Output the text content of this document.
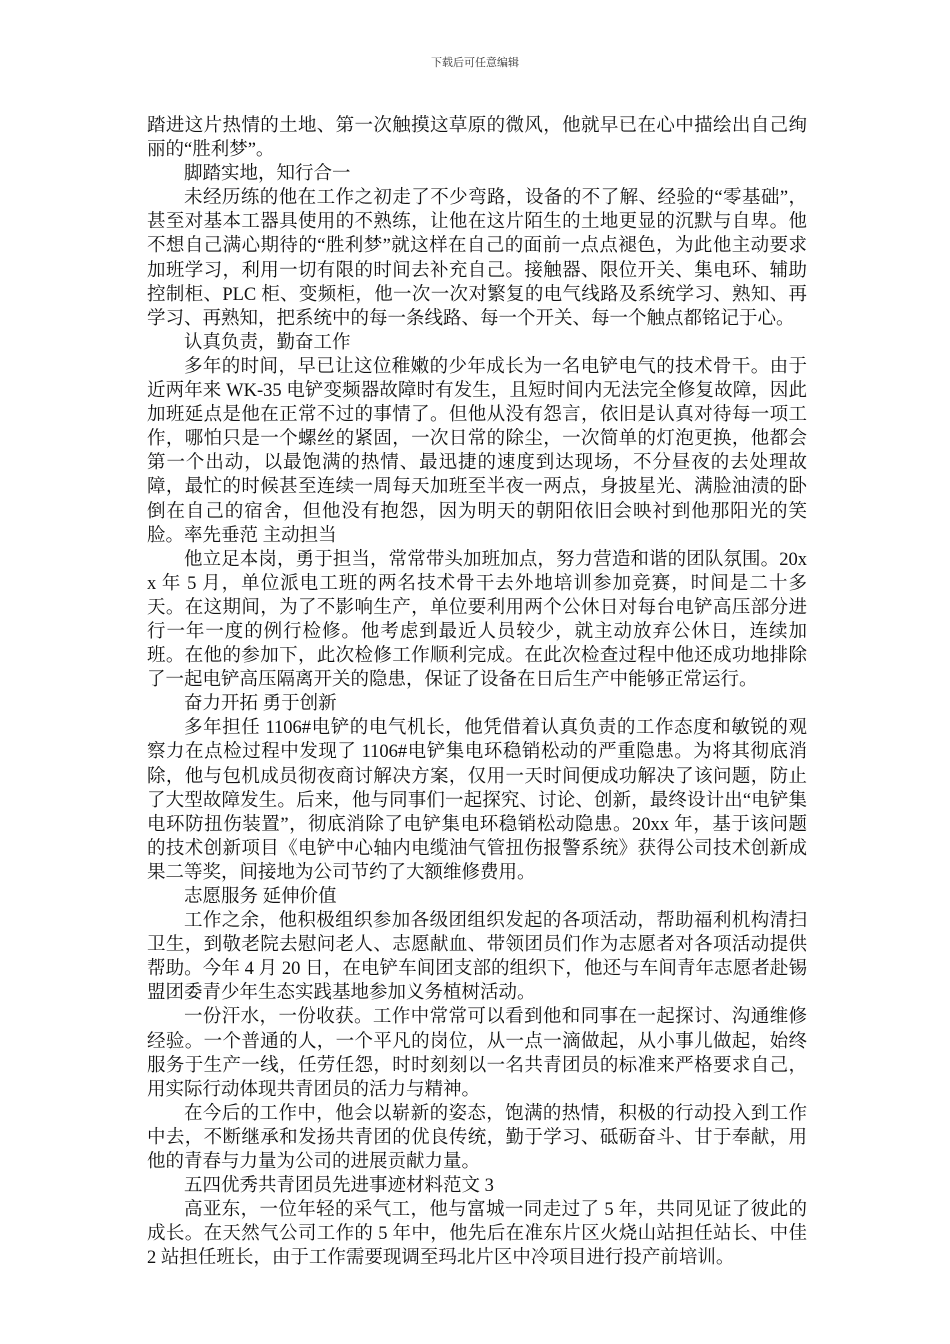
下载后可任意编辑

踏进这片热情的土地、第一次触摸这草原的微风，他就早已在心中描绘出自己绚丽的“胜利梦”。

脚踏实地，知行合一

未经历练的他在工作之初走了不少弯路，设备的不了解、经验的“零基础”，甚至对基本工器具使用的不熟练，让他在这片陌生的土地更显的沉默与自卑。他不想自己满心期待的“胜利梦”就这样在自己的面前一点点褪色，为此他主动要求加班学习，利用一切有限的时间去补充自己。接触器、限位开关、集电环、辅助控制柜、PLC 柜、变频柜，他一次一次对繁复的电气线路及系统学习、熟知、再学习、再熟知，把系统中的每一条线路、每一个开关、每一个触点都铭记于心。

认真负责，勤奋工作

多年的时间，早已让这位稚嫩的少年成长为一名电铲电气的技术骨干。由于近两年来 WK-35 电铲变频器故障时有发生，且短时间内无法完全修复故障，因此加班延点是他在正常不过的事情了。但他从没有怨言，依旧是认真对待每一项工作，哪怕只是一个螺丝的紧固，一次日常的除尘，一次简单的灯泡更换，他都会第一个出动，以最饱满的热情、最迅捷的速度到达现场，不分昼夜的去处理故障，最忙的时候甚至连续一周每天加班至半夜一两点，身披星光、满脸油渍的卧倒在自己的宿舍，但他没有抱怨，因为明天的朝阳依旧会映衬到他那阳光的笑脸。率先垂范 主动担当

他立足本岗，勇于担当，常常带头加班加点，努力营造和谐的团队氛围。20xx 年 5 月，单位派电工班的两名技术骨干去外地培训参加竞赛，时间是二十多天。在这期间，为了不影响生产，单位要利用两个公休日对每台电铲高压部分进行一年一度的例行检修。他考虑到最近人员较少，就主动放弃公休日，连续加班。在他的参加下，此次检修工作顺利完成。在此次检查过程中他还成功地排除了一起电铲高压隔离开关的隐患，保证了设备在日后生产中能够正常运行。

奋力开拓 勇于创新

多年担任 1106#电铲的电气机长，他凭借着认真负责的工作态度和敏锐的观察力在点检过程中发现了 1106#电铲集电环稳销松动的严重隐患。为将其彻底消除，他与包机成员彻夜商讨解决方案，仅用一天时间便成功解决了该问题，防止了大型故障发生。后来，他与同事们一起探究、讨论、创新，最终设计出“电铲集电环防扭伤装置”，彻底消除了电铲集电环稳销松动隐患。20xx 年，基于该问题的技术创新项目《电铲中心轴内电缆油气管扭伤报警系统》获得公司技术创新成果二等奖，间接地为公司节约了大额维修费用。

志愿服务 延伸价值

工作之余，他积极组织参加各级团组织发起的各项活动，帮助福利机构清扫卫生，到敬老院去慰问老人、志愿献血、带领团员们作为志愿者对各项活动提供帮助。今年 4 月 20 日，在电铲车间团支部的组织下，他还与车间青年志愿者赴锡盟团委青少年生态实践基地参加义务植树活动。

一份汗水，一份收获。工作中常常可以看到他和同事在一起探讨、沟通维修经验。一个普通的人，一个平凡的岗位，从一点一滴做起，从小事儿做起，始终服务于生产一线，任劳任怨，时时刻刻以一名共青团员的标准来严格要求自己，用实际行动体现共青团员的活力与精神。

在今后的工作中，他会以崭新的姿态，饱满的热情，积极的行动投入到工作中去，不断继承和发扬共青团的优良传统，勤于学习、砥砺奋斗、甘于奉献，用他的青春与力量为公司的进展贡献力量。

五四优秀共青团员先进事迹材料范文 3

高亚东，一位年轻的采气工，他与富城一同走过了 5 年，共同见证了彼此的成长。在天然气公司工作的 5 年中，他先后在准东片区火烧山站担任站长、中佳 2 站担任班长，由于工作需要现调至玛北片区中冷项目进行投产前培训。
